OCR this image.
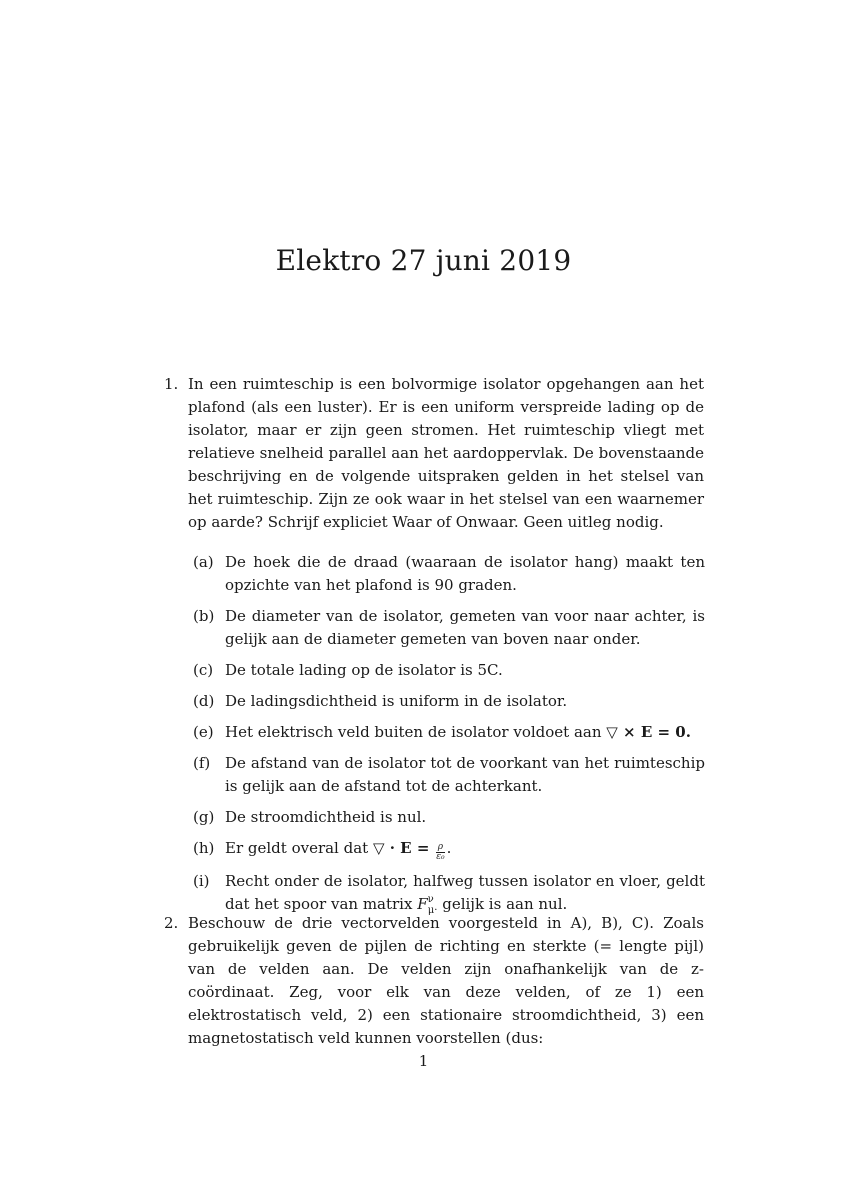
Elektro 27 juni 2019
1. In een ruimteschip is een bolvormige isolator opgehangen aan het plafond (als een luster). Er is een uniform verspreide lading op de isolator, maar er zijn geen stromen. Het ruimteschip vliegt met relatieve snelheid parallel aan het aardoppervlak. De bovenstaande beschrijving en de volgende uitspraken gelden in het stelsel van het ruimteschip. Zijn ze ook waar in het stelsel van een waarnemer op aarde? Schrijf expliciet Waar of Onwaar. Geen uitleg nodig.
(a) De hoek die de draad (waaraan de isolator hang) maakt ten opzichte van het plafond is 90 graden.
(b) De diameter van de isolator, gemeten van voor naar achter, is gelijk aan de diameter gemeten van boven naar onder.
(c) De totale lading op de isolator is 5C.
(d) De ladingsdichtheid is uniform in de isolator.
(e) Het elektrisch veld buiten de isolator voldoet aan ▽ × E = 0.
(f) De afstand van de isolator tot de voorkant van het ruimteschip is gelijk aan de afstand tot de achterkant.
(g) De stroomdichtheid is nul.
(h) Er geldt overal dat ▽ · $E = \frac{\rho}{\text{ε₀}}$ .
(i)	Recht onder de isolator, halfweg tussen isolator en vloer, geldt dat het spoor van matrix $F^\nu_{\mu\cdot}$ gelijk is aan nul.
2. Beschouw de drie vectorvelden voorgesteld in A), B), C). Zoals gebruikelijk geven de pijlen de richting en sterkte (= lengte pijl) van de velden aan. De velden zijn onafhankelijk van de z-coördinaat. Zeg, voor elk van deze velden, of ze 1) een elektrostatisch veld, 2) een stationaire stroomdichtheid, 3) een magnetostatisch veld kunnen voorstellen (dus:
1
